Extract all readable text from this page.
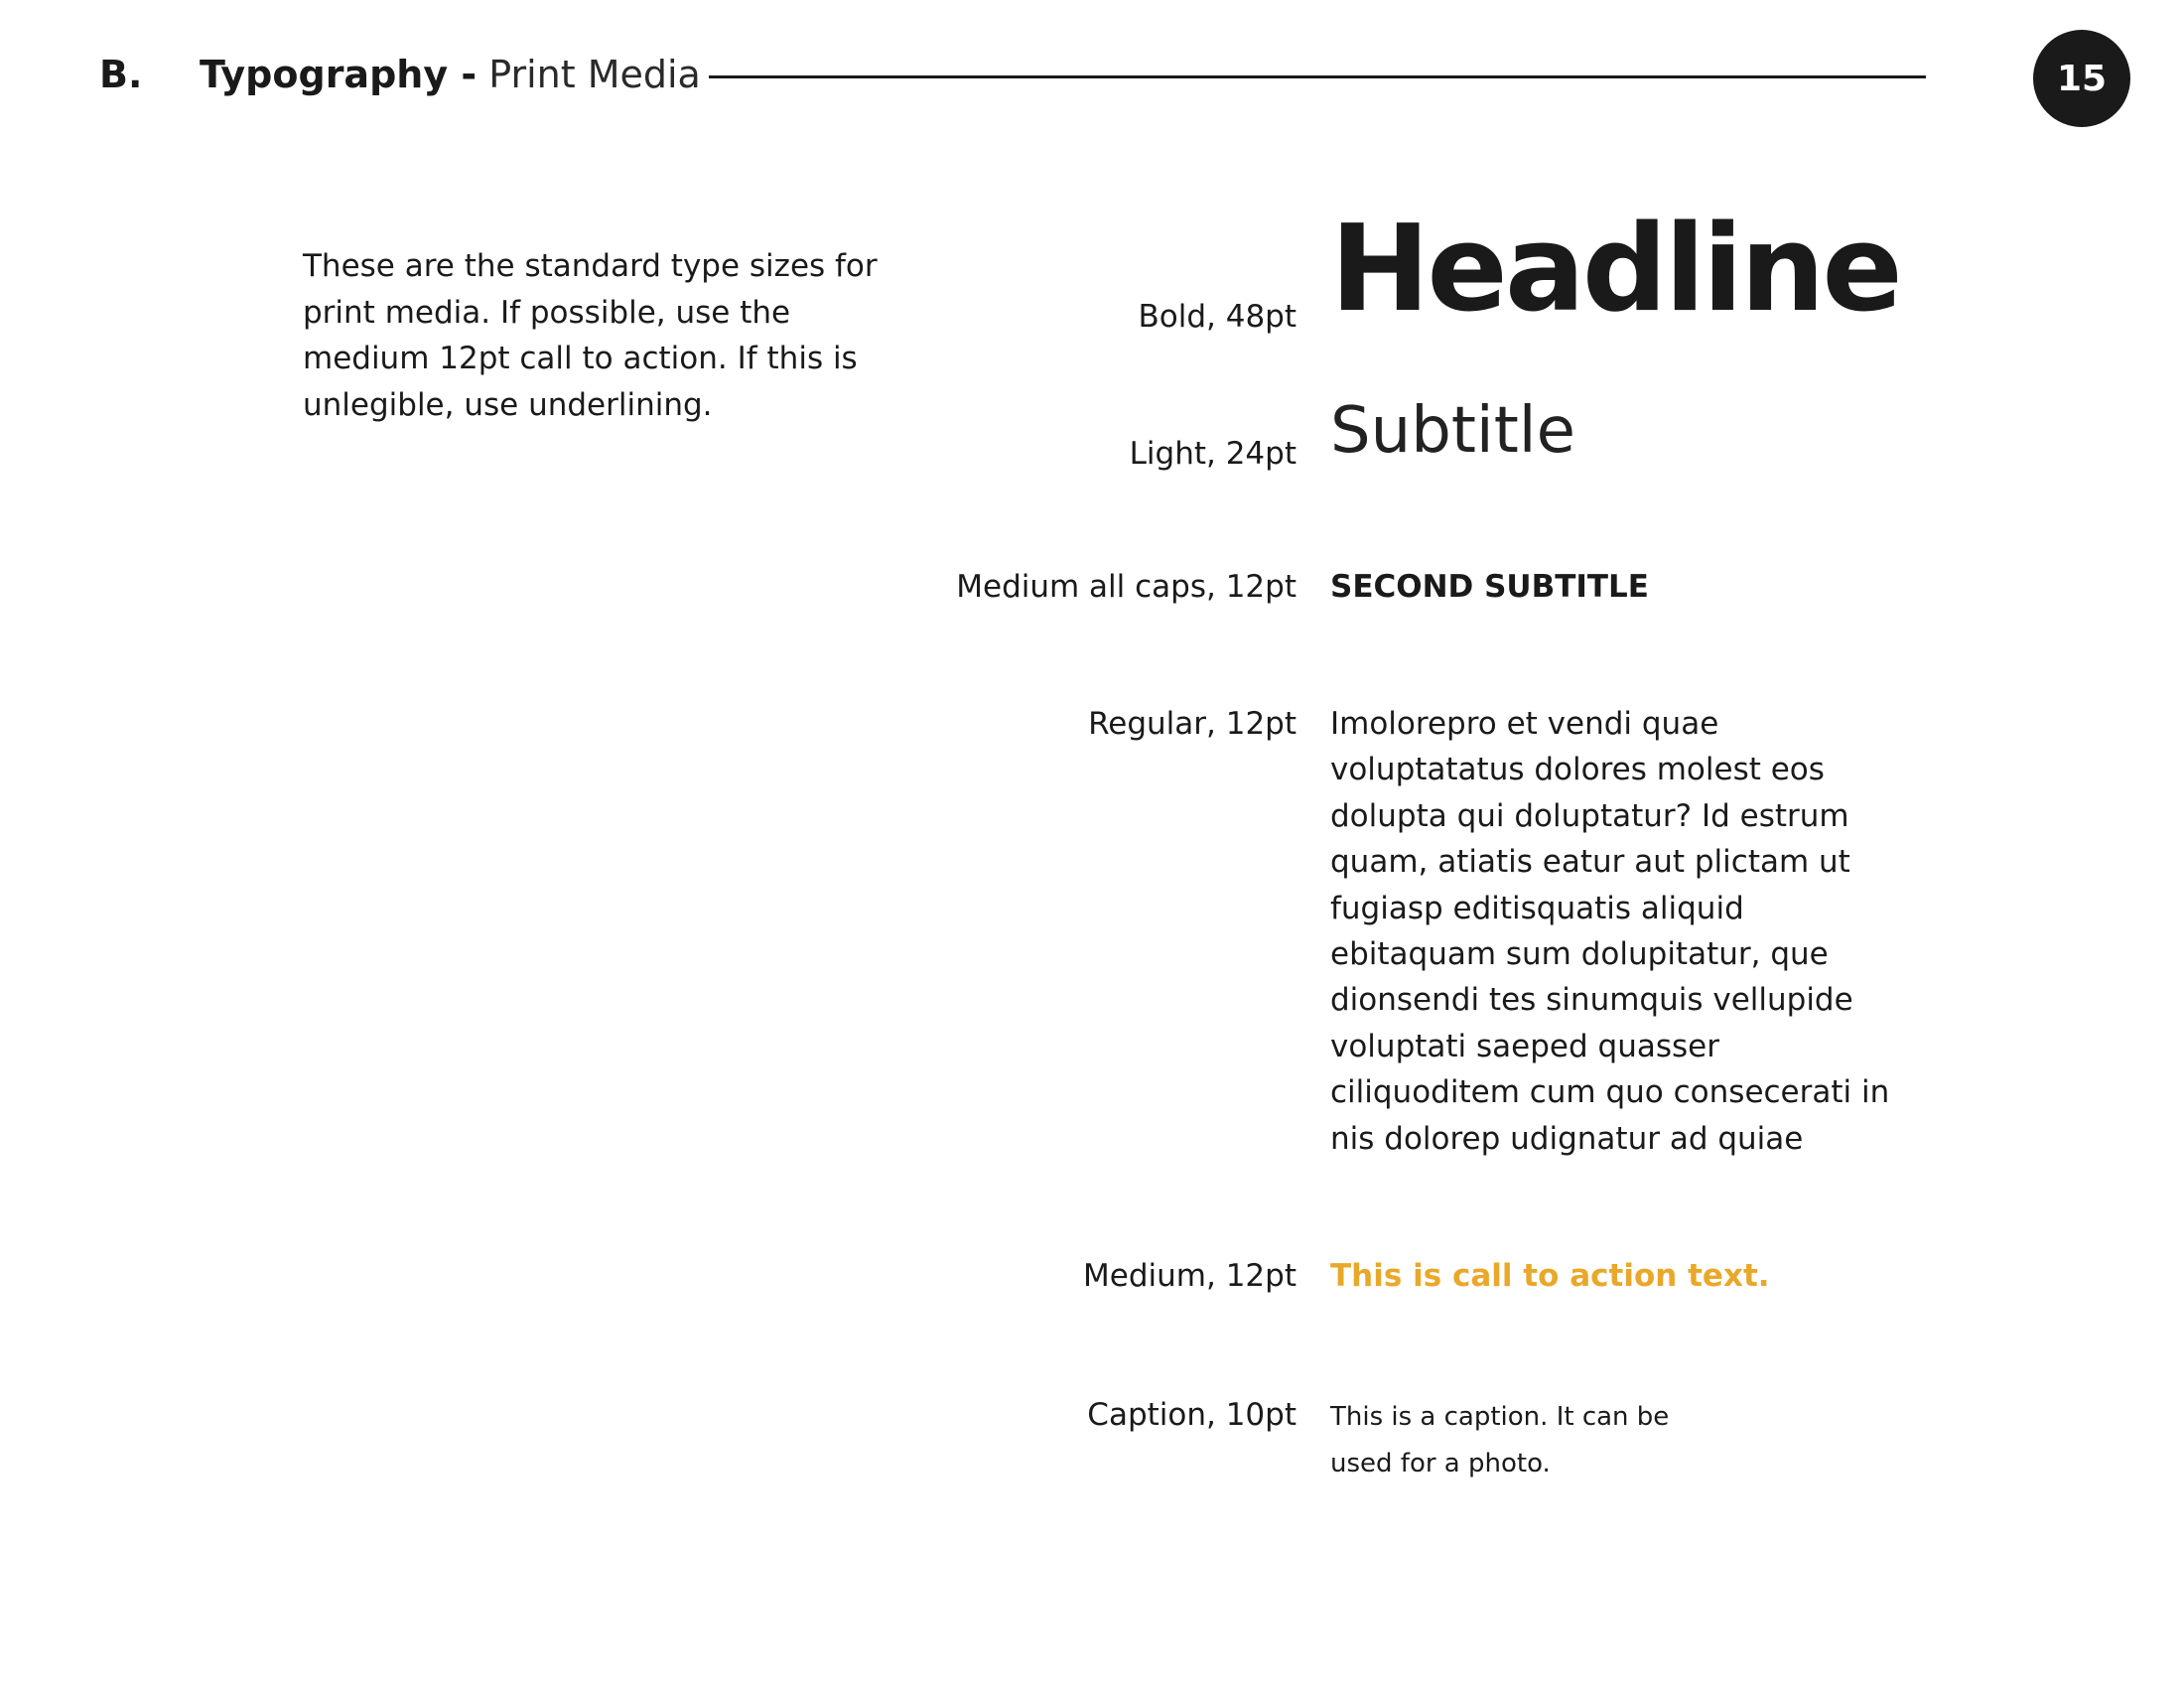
B. Typography - Print Media	15
These are the standard type sizes for print media. If possible, use the medium 12pt call to action. If this is unlegible, use underlining.
Bold, 48pt
Light, 24pt
Medium all caps, 12pt
Regular, 12pt
Medium, 12pt
Caption, 10pt
Headline
Subtitle
SECOND SUBTITLE
Imolorepro et vendi quae voluptatatus dolores molest eos dolupta qui doluptatur? Id estrum quam, atiatis eatur aut plictam ut fugiasp editisquatis aliquid ebitaquam sum dolupitatur, que dionsendi tes sinumquis vellupide voluptati saeped quasser ciliquoditem cum quo consecerati in nis dolorep udignatur ad quiae
This is call to action text.
This is a caption. It can be used for a photo.
